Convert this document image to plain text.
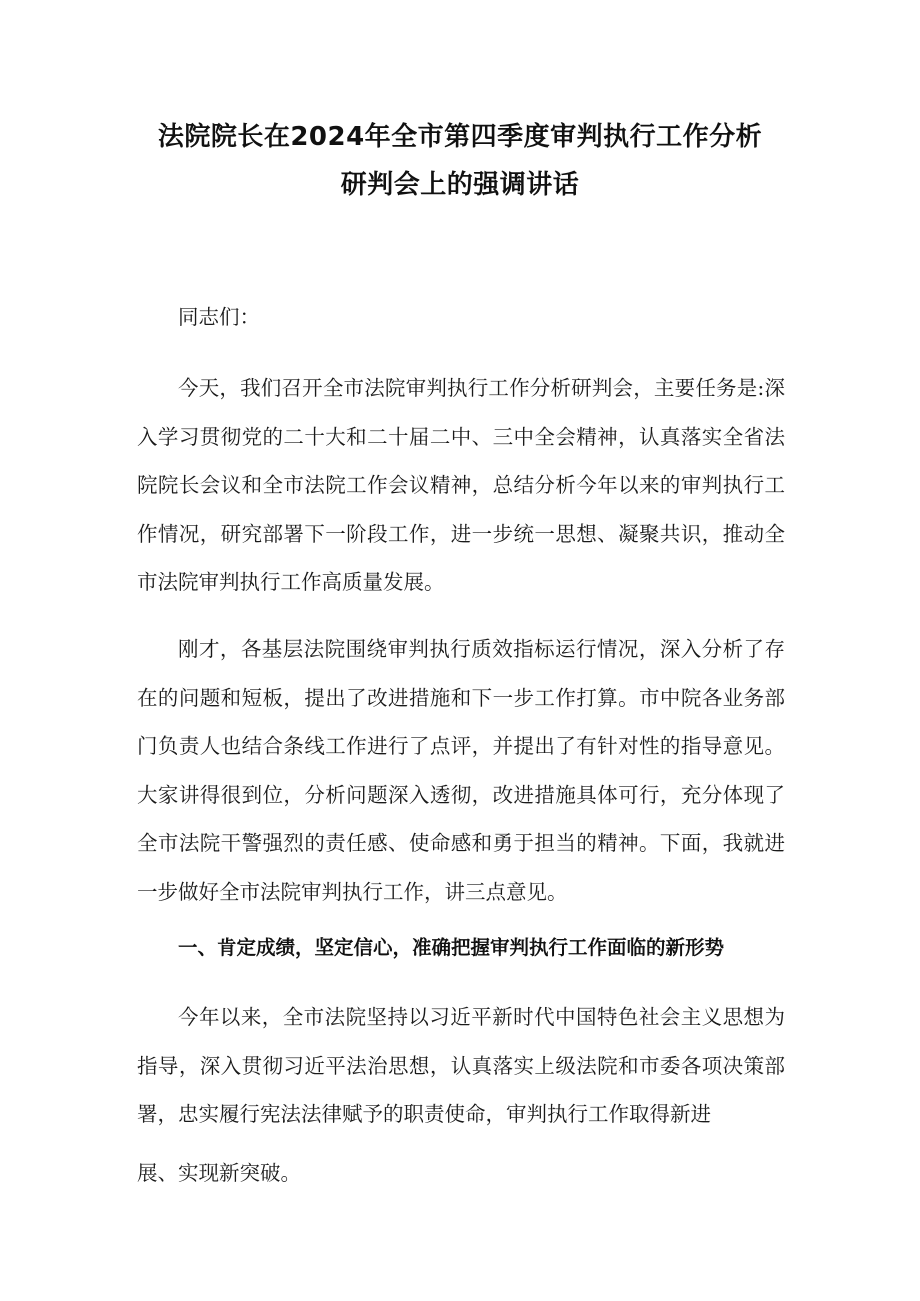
法院院长在2024年全市第四季度审判执行工作分析
研判会上的强调讲话

同志们：

今天，我们召开全市法院审判执行工作分析研判会，主要任务是:深入学习贯彻党的二十大和二十届二中、三中全会精神，认真落实全省法院院长会议和全市法院工作会议精神，总结分析今年以来的审判执行工作情况，研究部署下一阶段工作，进一步统一思想、凝聚共识，推动全市法院审判执行工作高质量发展。

刚才，各基层法院围绕审判执行质效指标运行情况，深入分析了存在的问题和短板，提出了改进措施和下一步工作打算。市中院各业务部门负责人也结合条线工作进行了点评，并提出了有针对性的指导意见。大家讲得很到位，分析问题深入透彻，改进措施具体可行，充分体现了全市法院干警强烈的责任感、使命感和勇于担当的精神。下面，我就进一步做好全市法院审判执行工作，讲三点意见。

一、肯定成绩，坚定信心，准确把握审判执行工作面临的新形势

今年以来，全市法院坚持以习近平新时代中国特色社会主义思想为指导，深入贯彻习近平法治思想，认真落实上级法院和市委各项决策部署，忠实履行宪法法律赋予的职责使命，审判执行工作取得新进

展、实现新突破。
